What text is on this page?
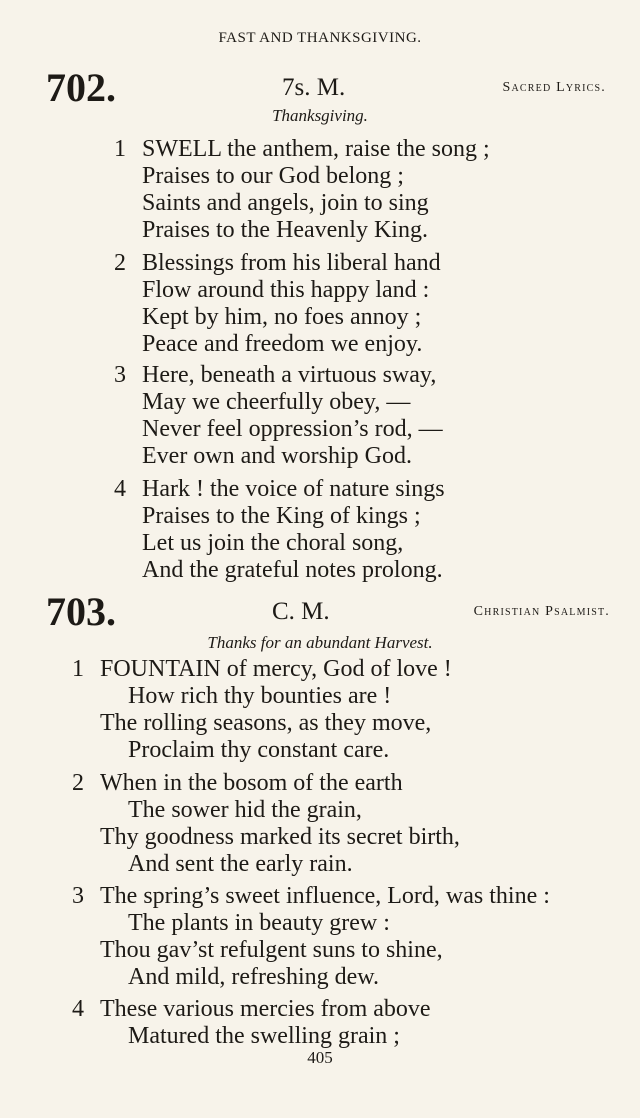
FAST AND THANKSGIVING.
702.	7s. M.	Sacred Lyrics.
Thanksgiving.
1 SWELL the anthem, raise the song ;
Praises to our God belong ;
Saints and angels, join to sing
Praises to the Heavenly King.
2 Blessings from his liberal hand
Flow around this happy land :
Kept by him, no foes annoy ;
Peace and freedom we enjoy.
3 Here, beneath a virtuous sway,
May we cheerfully obey, —
Never feel oppression’s rod, —
Ever own and worship God.
4 Hark ! the voice of nature sings
Praises to the King of kings ;
Let us join the choral song,
And the grateful notes prolong.
703.	C. M.	Christian Psalmist.
Thanks for an abundant Harvest.
1 FOUNTAIN of mercy, God of love !
How rich thy bounties are !
The rolling seasons, as they move,
Proclaim thy constant care.
2 When in the bosom of the earth
The sower hid the grain,
Thy goodness marked its secret birth,
And sent the early rain.
3 The spring’s sweet influence, Lord, was thine :
The plants in beauty grew :
Thou gav’st refulgent suns to shine,
And mild, refreshing dew.
4 These various mercies from above
Matured the swelling grain ;
405
